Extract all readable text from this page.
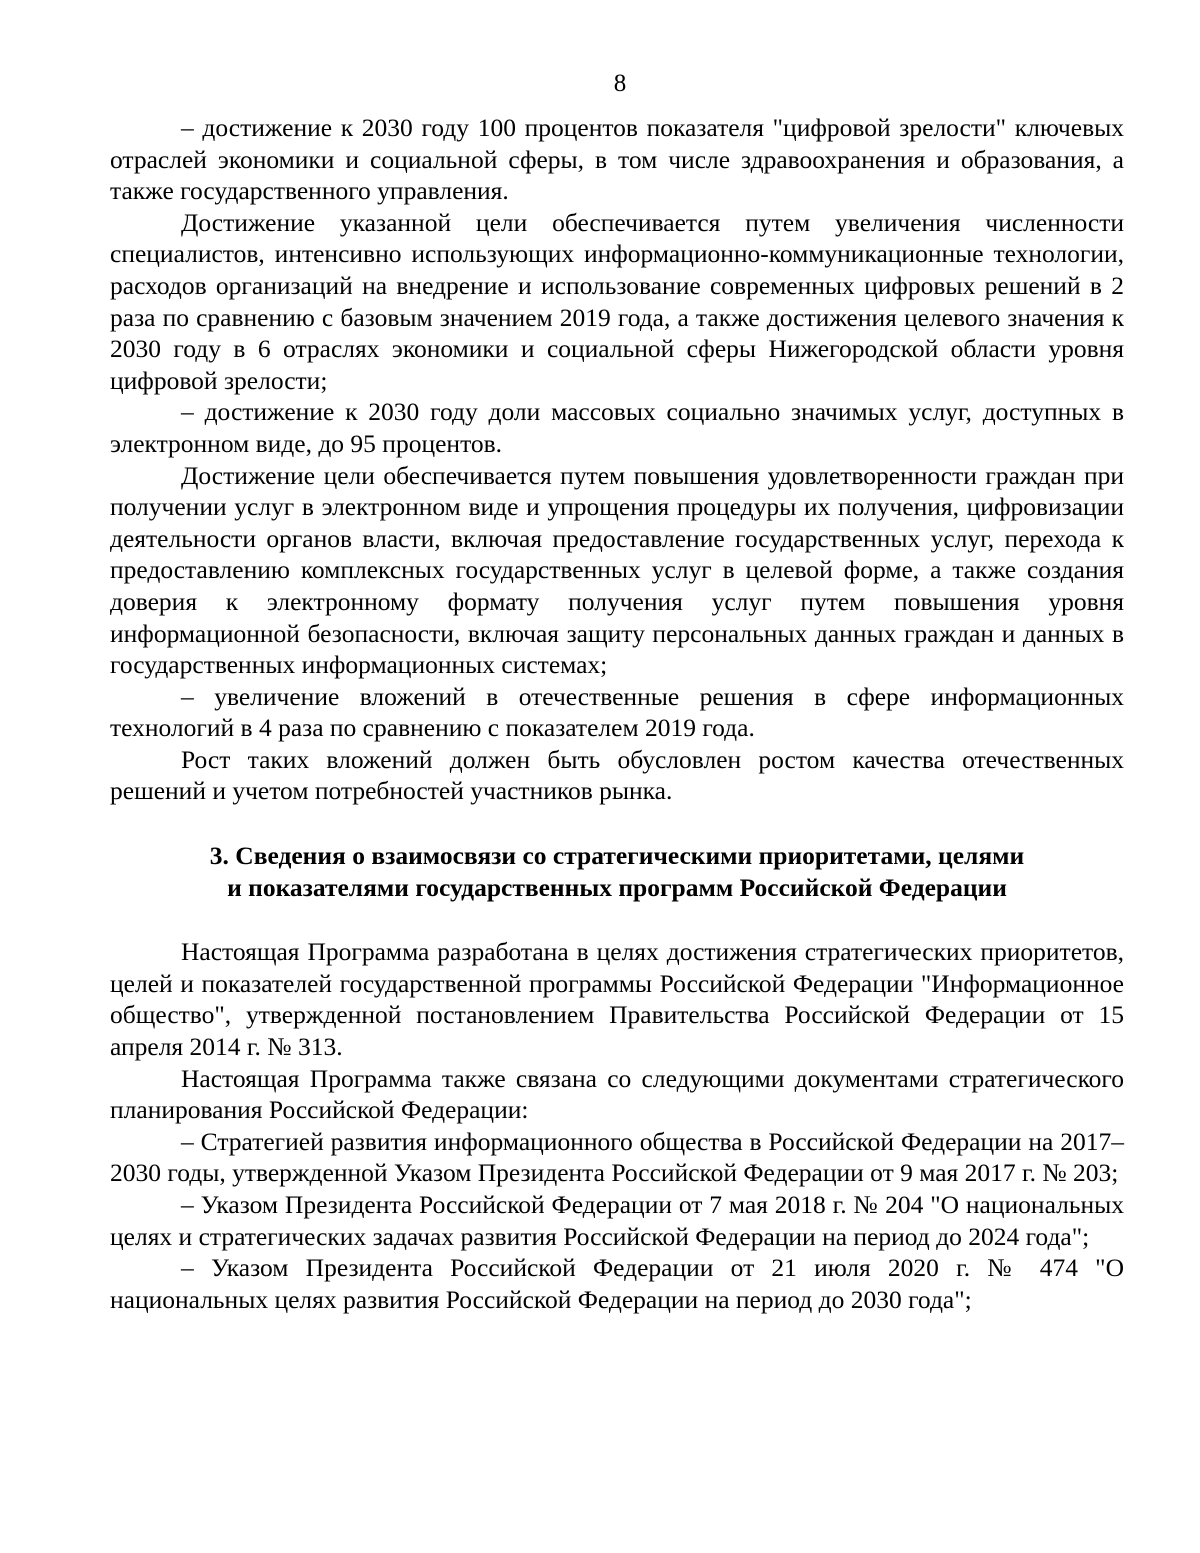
8

– достижение к 2030 году 100 процентов показателя "цифровой зрелости" ключевых отраслей экономики и социальной сферы, в том числе здравоохранения и образования, а также государственного управления.

Достижение указанной цели обеспечивается путем увеличения численности специалистов, интенсивно использующих информационно-коммуникационные технологии, расходов организаций на внедрение и использование современных цифровых решений в 2 раза по сравнению с базовым значением 2019 года, а также достижения целевого значения к 2030 году в 6 отраслях экономики и социальной сферы Нижегородской области уровня цифровой зрелости;

– достижение к 2030 году доли массовых социально значимых услуг, доступных в электронном виде, до 95 процентов.

Достижение цели обеспечивается путем повышения удовлетворенности граждан при получении услуг в электронном виде и упрощения процедуры их получения, цифровизации деятельности органов власти, включая предоставление государственных услуг, перехода к предоставлению комплексных государственных услуг в целевой форме, а также создания доверия к электронному формату получения услуг путем повышения уровня информационной безопасности, включая защиту персональных данных граждан и данных в государственных информационных системах;

– увеличение вложений в отечественные решения в сфере информационных технологий в 4 раза по сравнению с показателем 2019 года.

Рост таких вложений должен быть обусловлен ростом качества отечественных решений и учетом потребностей участников рынка.

3. Сведения о взаимосвязи со стратегическими приоритетами, целями
и показателями государственных программ Российской Федерации

Настоящая Программа разработана в целях достижения стратегических приоритетов, целей и показателей государственной программы Российской Федерации "Информационное общество", утвержденной постановлением Правительства Российской Федерации от 15 апреля 2014 г. № 313.

Настоящая Программа также связана со следующими документами стратегического планирования Российской Федерации:

– Стратегией развития информационного общества в Российской Федерации на 2017–2030 годы, утвержденной Указом Президента Российской Федерации от 9 мая 2017 г. № 203;

– Указом Президента Российской Федерации от 7 мая 2018 г. № 204 "О национальных целях и стратегических задачах развития Российской Федерации на период до 2024 года";

– Указом Президента Российской Федерации от 21 июля 2020 г. № 474 "О национальных целях развития Российской Федерации на период до 2030 года";
